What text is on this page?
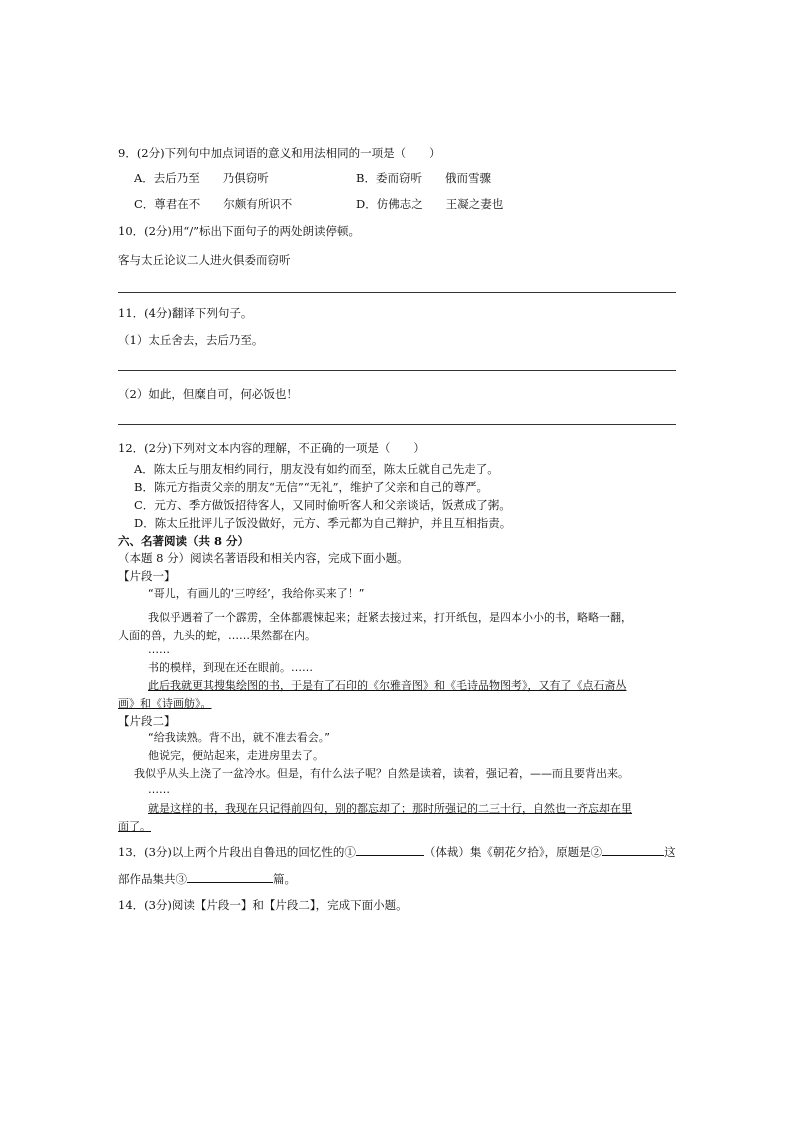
9．(2分)下列句中加点词语的意义和用法相同的一项是（　　）
A．去后乃至　　乃俱窃听	B．委而窃听　　俄而雪骤
C．尊君在不　　尔颇有所识不	D．仿佛志之　　王凝之妻也
10．(2分)用“/”标出下面句子的两处朗读停顿。
客与太丘论议二人进火俱委而窃听
11．(4分)翻译下列句子。
（1）太丘舍去，去后乃至。
（2）如此，但糜自可，何必饭也！
12．(2分)下列对文本内容的理解，不正确的一项是（　　）
A．陈太丘与朋友相约同行，朋友没有如约而至，陈太丘就自己先走了。
B．陈元方指责父亲的朋友“无信”“无礼”，维护了父亲和自己的尊严。
C．元方、季方做饭招待客人，又同时偷听客人和父亲谈话，饭煮成了粥。
D．陈太丘批评儿子饭没做好，元方、季元都为自己辩护，并且互相指责。
六、名著阅读（共 8 分）
（本题 8 分）阅读名著语段和相关内容，完成下面小题。
【片段一】
“哥儿，有画儿的‘三哼经’，我给你买来了！”
我似乎遇着了一个霹雳，全体都震悚起来；赶紧去接过来，打开纸包，是四本小小的书，略略一翻，
人面的兽，九头的蛇，……果然都在内。
……
书的模样，到现在还在眼前。……
此后我就更其搜集绘图的书，于是有了石印的《尔雅音图》和《毛诗品物图考》，又有了《点石斋丛
画》和《诗画舫》。
【片段二】
“给我读熟。背不出，就不准去看会。”
他说完，便站起来，走进房里去了。
我似乎从头上浇了一盆冷水。但是，有什么法子呢？自然是读着，读着，强记着，——而且要背出来。
……
就是这样的书，我现在只记得前四句，别的都忘却了；那时所强记的二三十行，自然也一齐忘却在里
面了。
13．(3分)以上两个片段出自鲁迅的回忆性的①	（体裁）集《朝花夕拾》，原题是②	这
部作品集共③	篇。
14．(3分)阅读【片段一】和【片段二】，完成下面小题。
